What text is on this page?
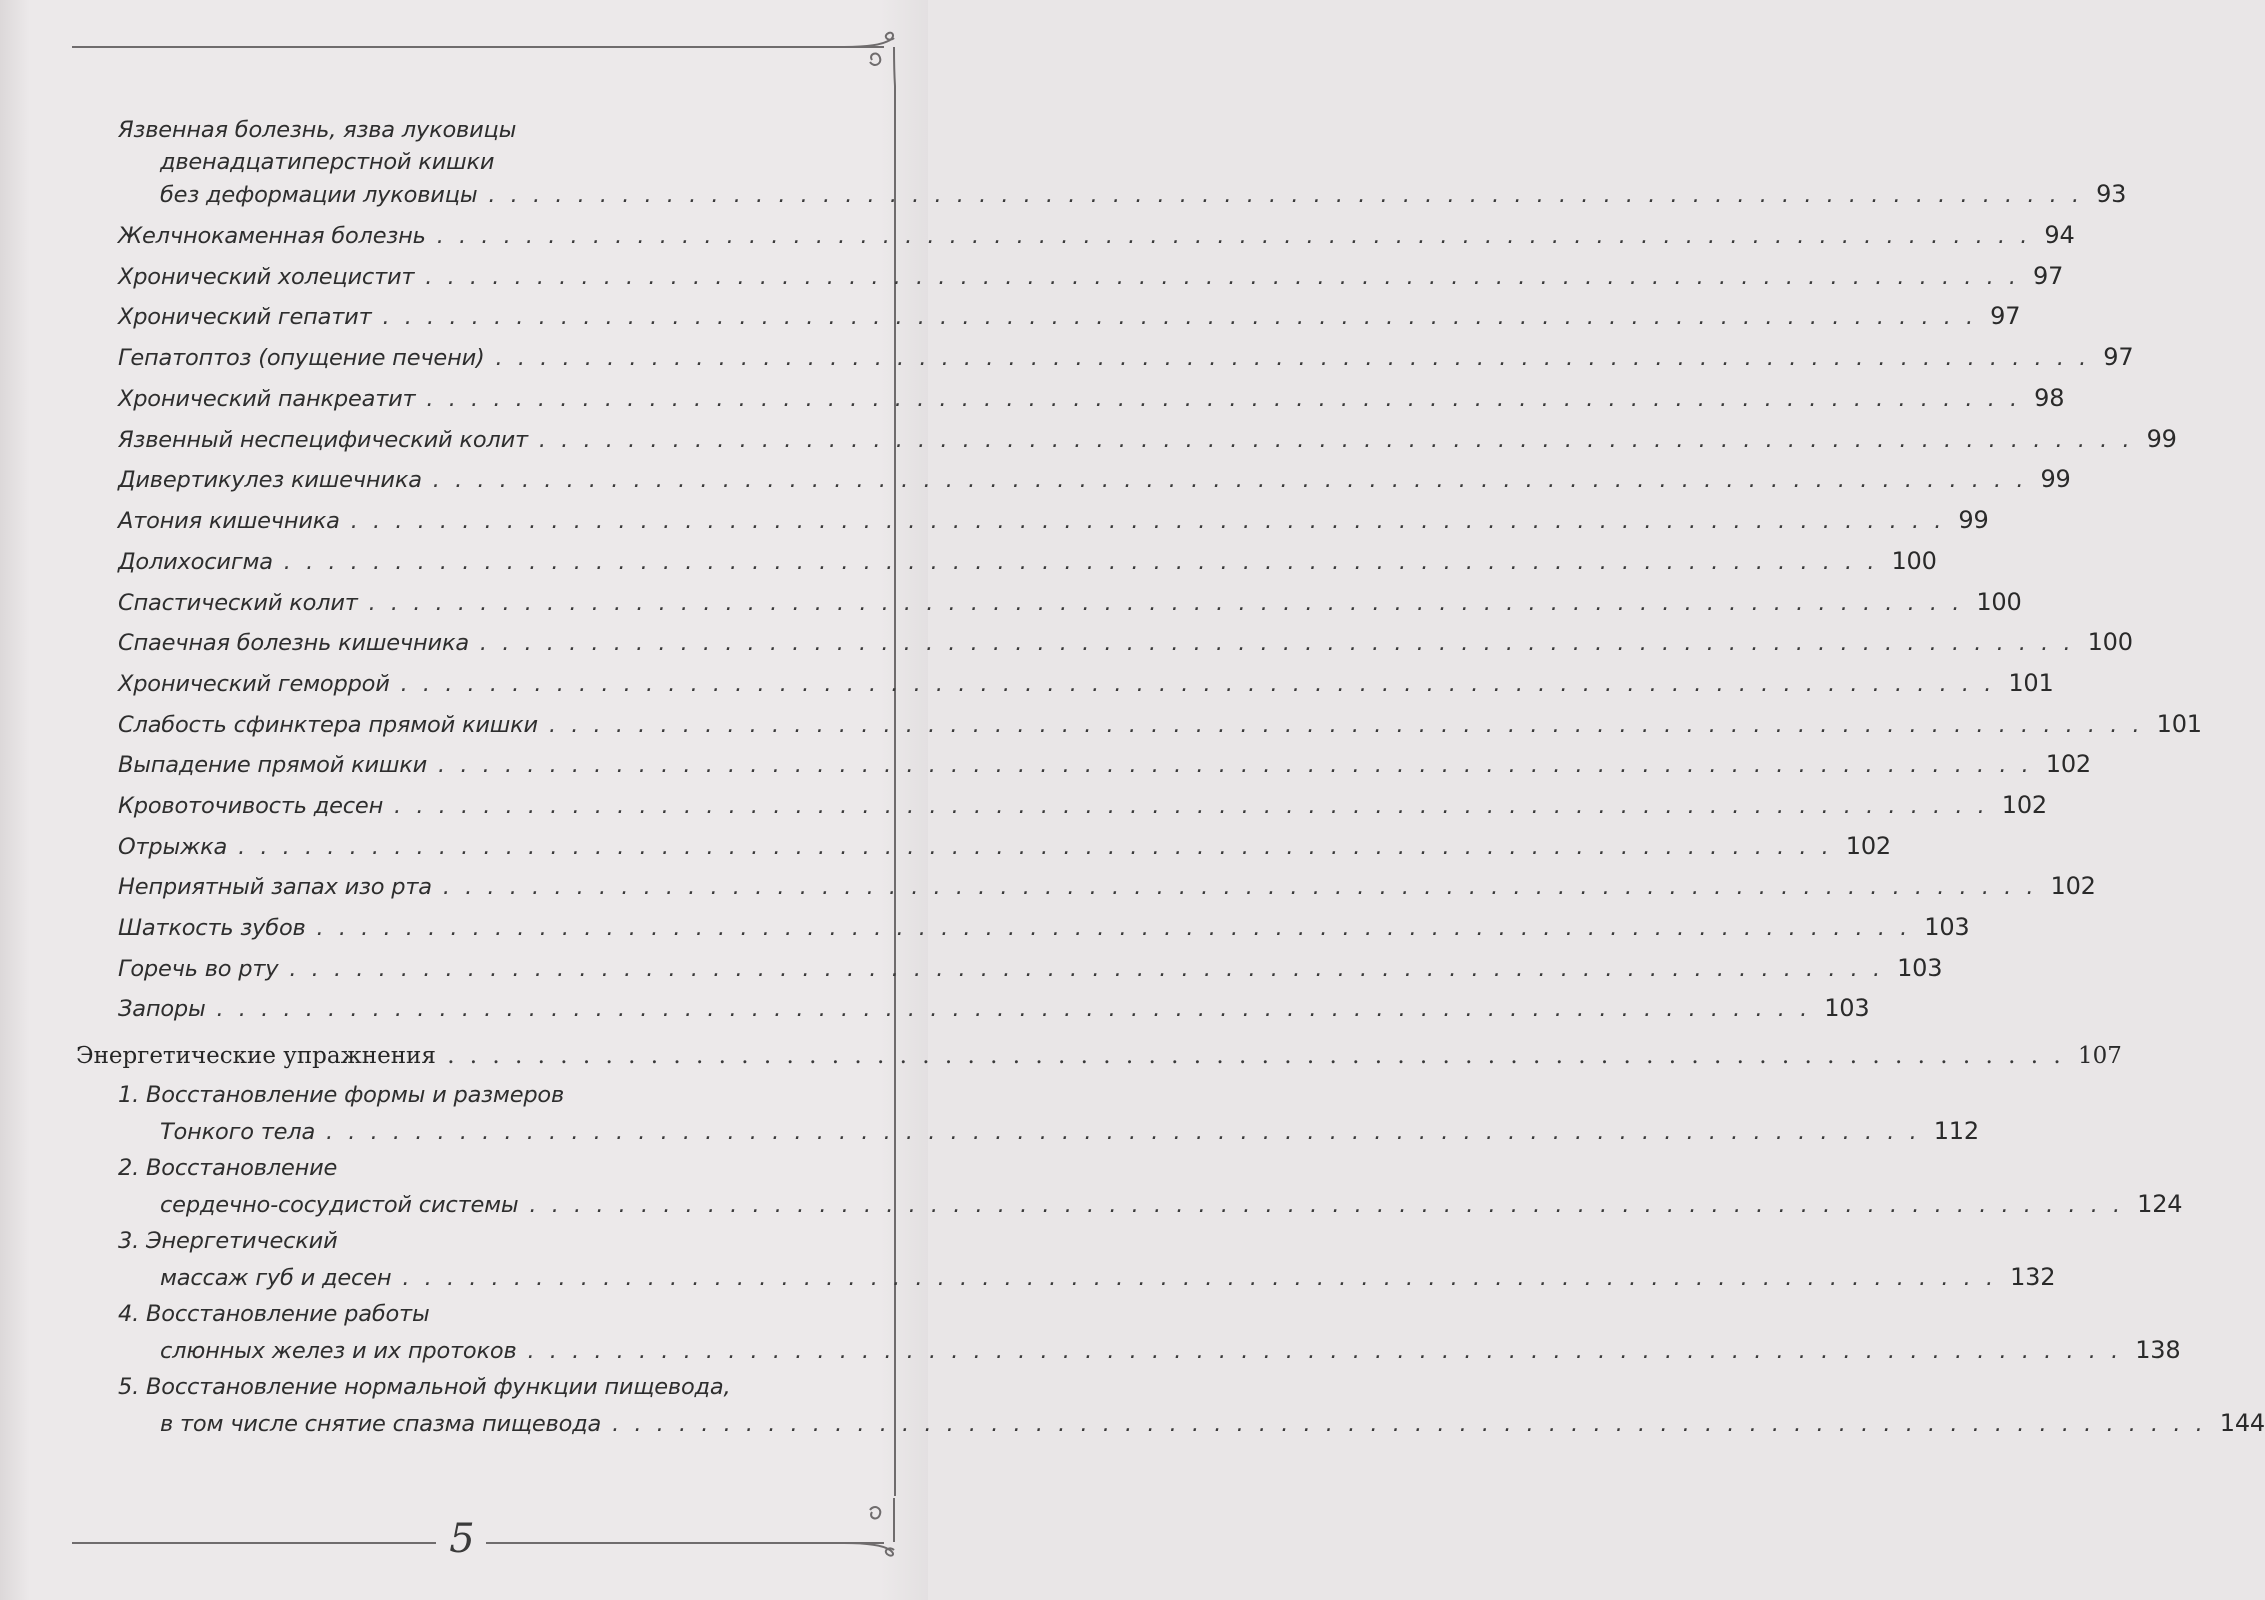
5
Язвенная болезнь, язва луковицы
двенадцатиперстной кишки
без деформации луковицы . . .	93
Желчнокаменная болезнь . . .	94
Хронический холецистит . . .	97
Хронический гепатит . . .	97
Гепатоптоз (опущение печени) . . .	97
Хронический панкреатит . . .	98
Язвенный неспецифический колит . . .	99
Дивертикулез кишечника . . .	99
Атония кишечника . . .	99
Долихосигма . . .	100
Спастический колит . . .	100
Спаечная болезнь кишечника . . .	100
Хронический геморрой . . .	101
Слабость сфинктера прямой кишки . . .	101
Выпадение прямой кишки . . .	102
Кровоточивость десен . . .	102
Отрыжка . . .	102
Неприятный запах изо рта . . .	102
Шаткость зубов . . .	103
Горечь во рту . . .	103
Запоры . . .	103
Энергетические упражнения . . .	107
1. Восстановление формы и размеров
Тонкого тела . . .	112
2. Восстановление
сердечно-сосудистой системы . . .	124
3. Энергетический
массаж губ и десен . . .	132
4. Восстановление работы
слюнных желез и их протоков . . .	138
5. Восстановление нормальной функции пищевода,
в том числе снятие спазма пищевода . . .	144
